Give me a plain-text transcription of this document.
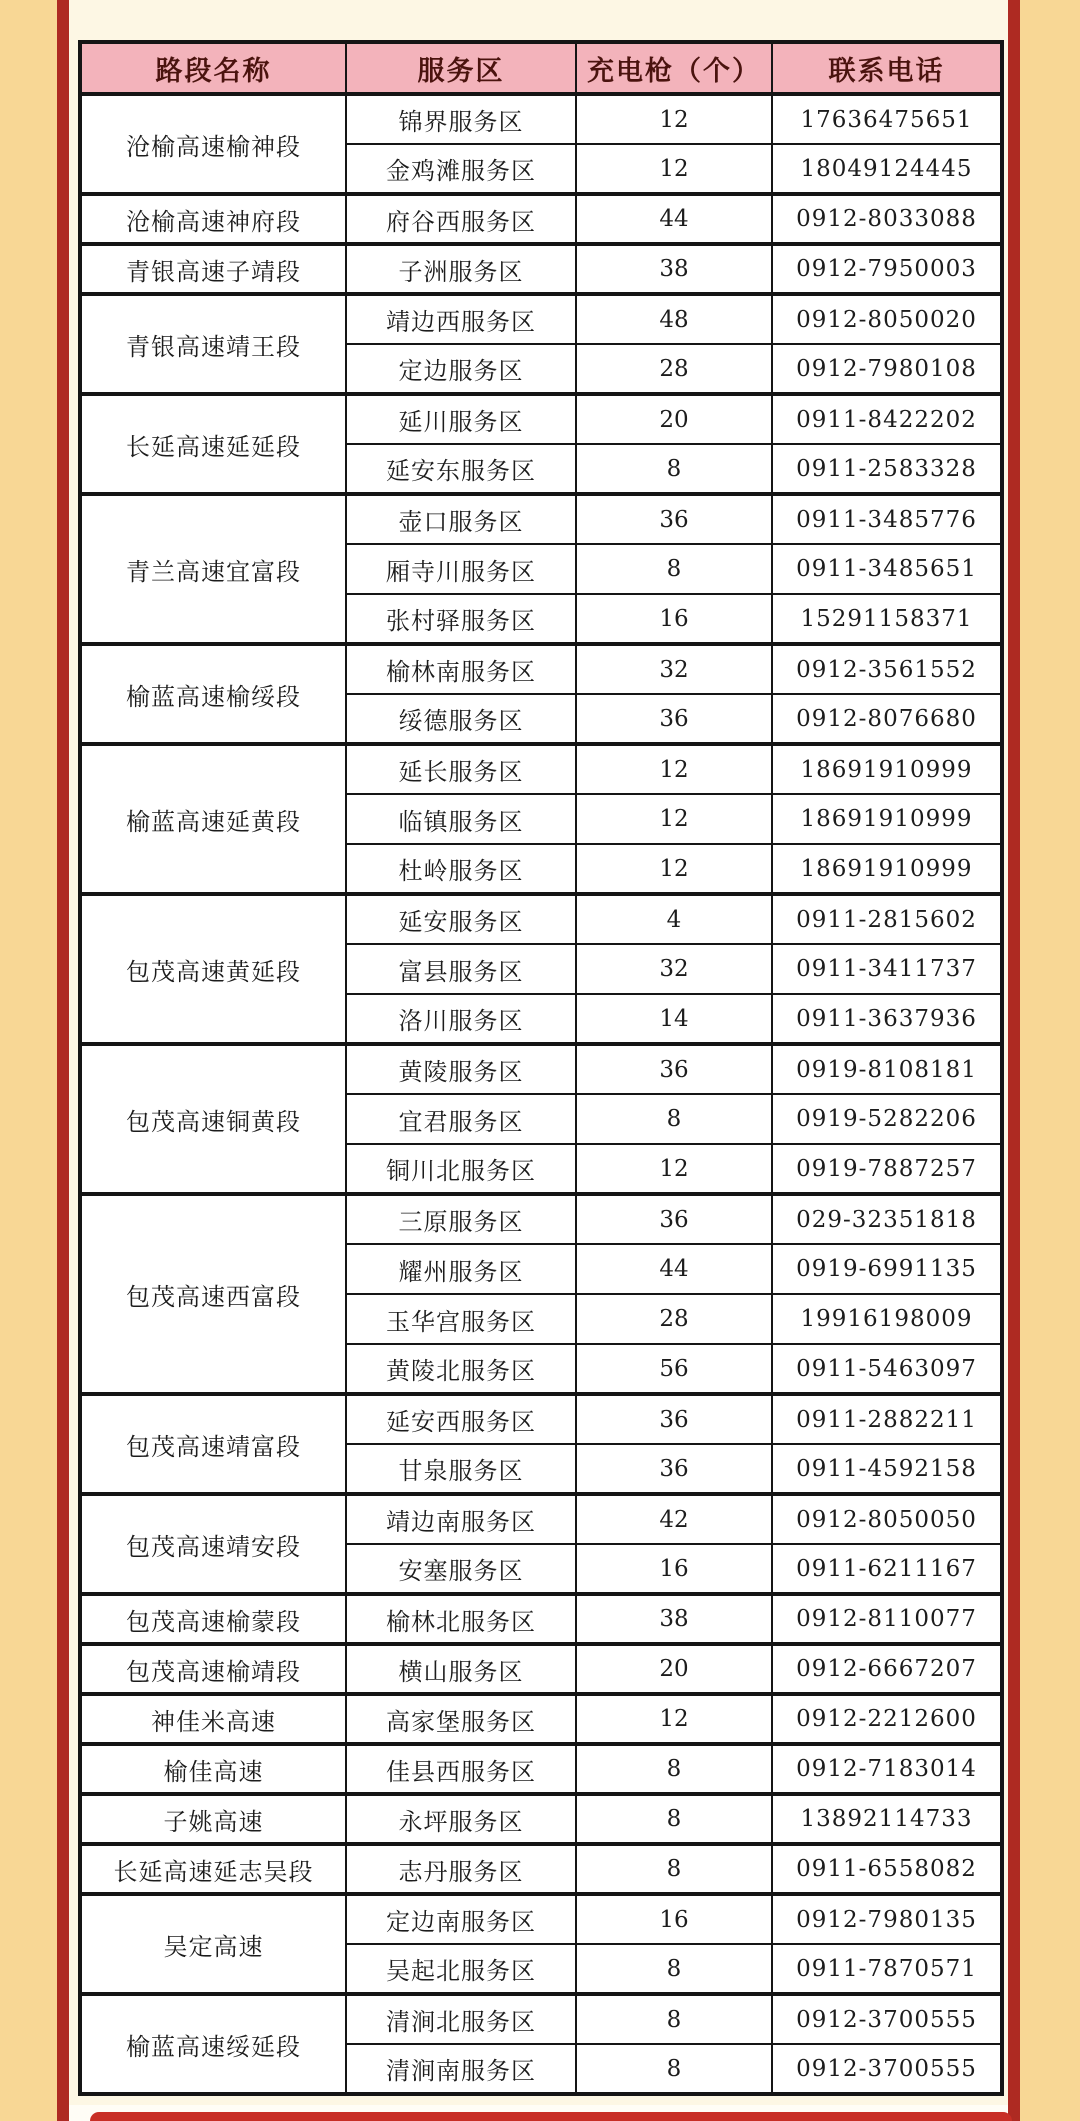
路段名称	服务区	充电枪（个）	联系电话
沧榆高速榆神段	锦界服务区	12	17636475651
	金鸡滩服务区	12	18049124445
沧榆高速神府段	府谷西服务区	44	0912-8033088
青银高速子靖段	子洲服务区	38	0912-7950003
青银高速靖王段	靖边西服务区	48	0912-8050020
	定边服务区	28	0912-7980108
长延高速延延段	延川服务区	20	0911-8422202
	延安东服务区	8	0911-2583328
青兰高速宜富段	壶口服务区	36	0911-3485776
	厢寺川服务区	8	0911-3485651
	张村驿服务区	16	15291158371
榆蓝高速榆绥段	榆林南服务区	32	0912-3561552
	绥德服务区	36	0912-8076680
榆蓝高速延黄段	延长服务区	12	18691910999
	临镇服务区	12	18691910999
	杜岭服务区	12	18691910999
包茂高速黄延段	延安服务区	4	0911-2815602
	富县服务区	32	0911-3411737
	洛川服务区	14	0911-3637936
包茂高速铜黄段	黄陵服务区	36	0919-8108181
	宜君服务区	8	0919-5282206
	铜川北服务区	12	0919-7887257
包茂高速西富段	三原服务区	36	029-32351818
	耀州服务区	44	0919-6991135
	玉华宫服务区	28	19916198009
	黄陵北服务区	56	0911-5463097
包茂高速靖富段	延安西服务区	36	0911-2882211
	甘泉服务区	36	0911-4592158
包茂高速靖安段	靖边南服务区	42	0912-8050050
	安塞服务区	16	0911-6211167
包茂高速榆蒙段	榆林北服务区	38	0912-8110077
包茂高速榆靖段	横山服务区	20	0912-6667207
神佳米高速	高家堡服务区	12	0912-2212600
榆佳高速	佳县西服务区	8	0912-7183014
子姚高速	永坪服务区	8	13892114733
长延高速延志吴段	志丹服务区	8	0911-6558082
吴定高速	定边南服务区	16	0912-7980135
	吴起北服务区	8	0911-7870571
榆蓝高速绥延段	清涧北服务区	8	0912-3700555
	清涧南服务区	8	0912-3700555
